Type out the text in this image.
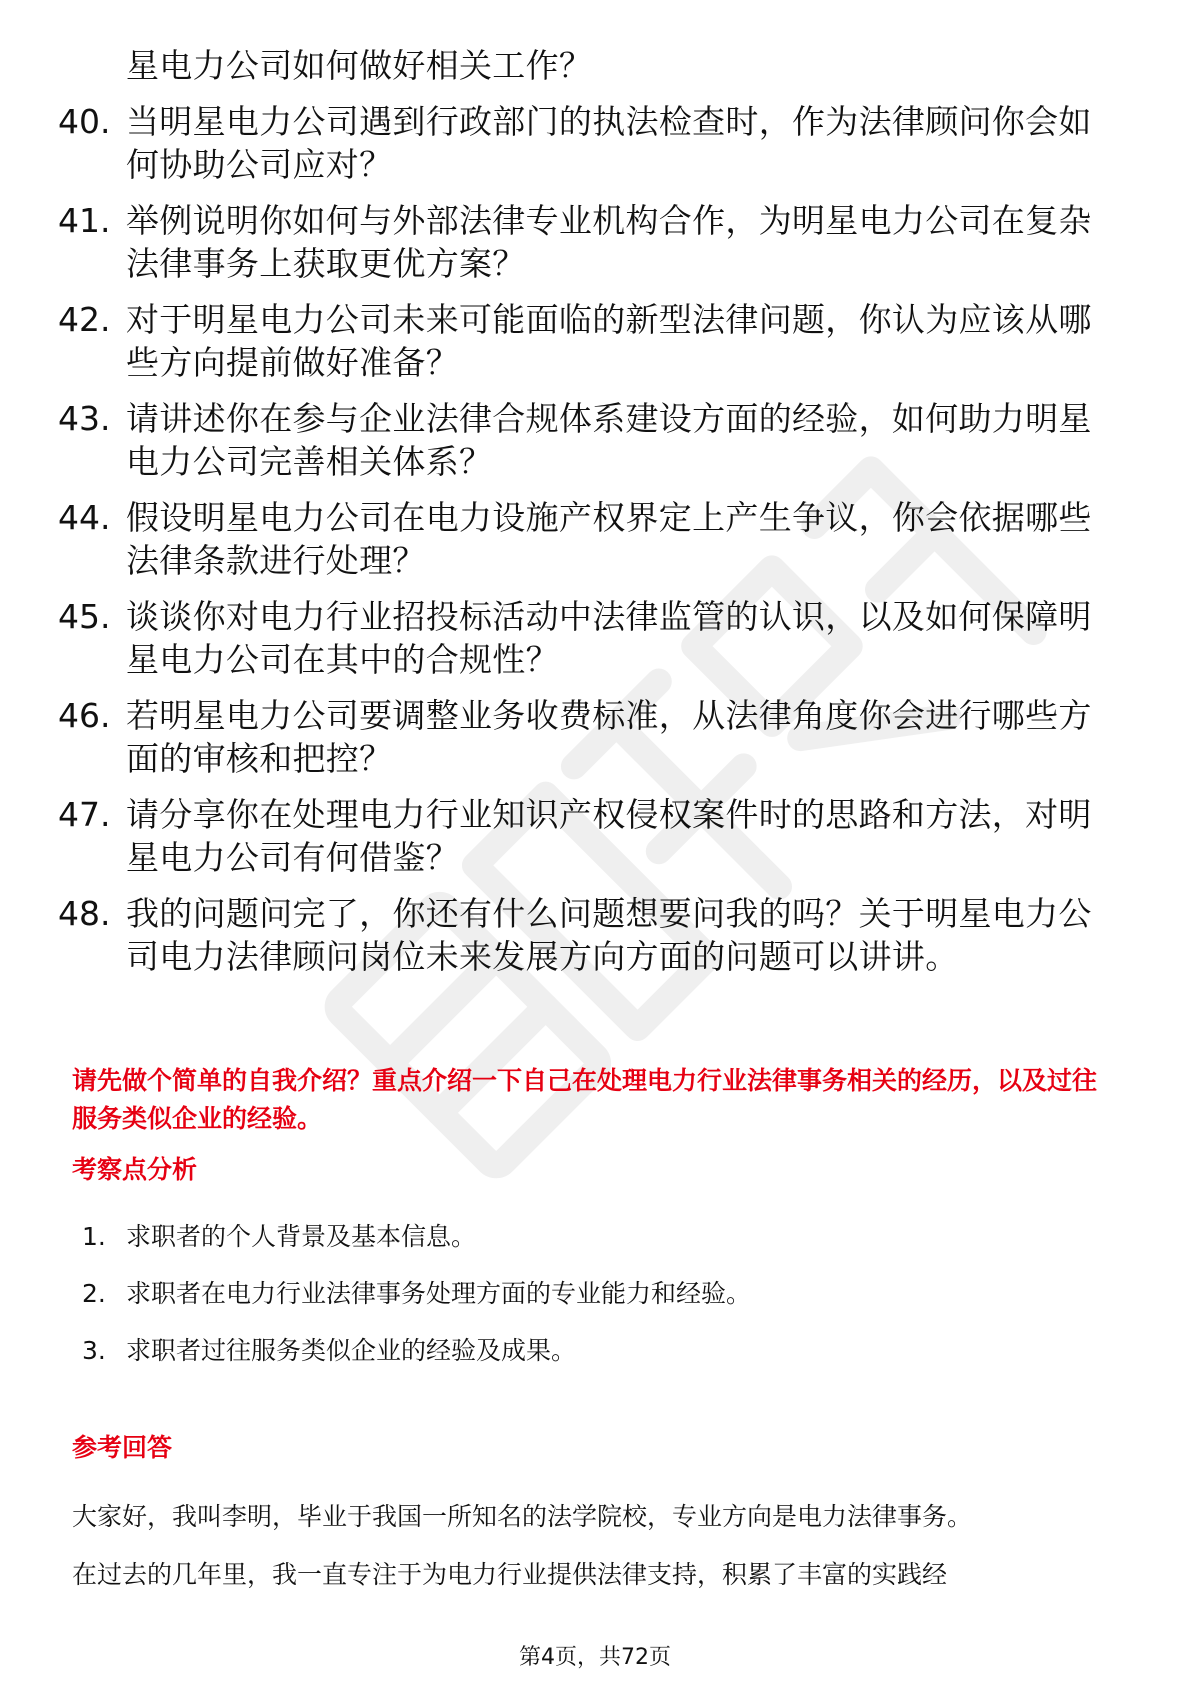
星电力公司如何做好相关工作？
40. 当明星电力公司遇到行政部门的执法检查时，作为法律顾问你会如何协助公司应对？
41. 举例说明你如何与外部法律专业机构合作，为明星电力公司在复杂法律事务上获取更优方案？
42. 对于明星电力公司未来可能面临的新型法律问题，你认为应该从哪些方向提前做好准备？
43. 请讲述你在参与企业法律合规体系建设方面的经验，如何助力明星电力公司完善相关体系？
44. 假设明星电力公司在电力设施产权界定上产生争议，你会依据哪些法律条款进行处理？
45. 谈谈你对电力行业招投标活动中法律监管的认识，以及如何保障明星电力公司在其中的合规性？
46. 若明星电力公司要调整业务收费标准，从法律角度你会进行哪些方面的审核和把控？
47. 请分享你在处理电力行业知识产权侵权案件时的思路和方法，对明星电力公司有何借鉴？
48. 我的问题问完了，你还有什么问题想要问我的吗？关于明星电力公司电力法律顾问岗位未来发展方向方面的问题可以讲讲。
请先做个简单的自我介绍？重点介绍一下自己在处理电力行业法律事务相关的经历，以及过往服务类似企业的经验。
考察点分析
1. 求职者的个人背景及基本信息。
2. 求职者在电力行业法律事务处理方面的专业能力和经验。
3. 求职者过往服务类似企业的经验及成果。
参考回答
大家好，我叫李明，毕业于我国一所知名的法学院校，专业方向是电力法律事务。
在过去的几年里，我一直专注于为电力行业提供法律支持，积累了丰富的实践经
第4页，共72页
